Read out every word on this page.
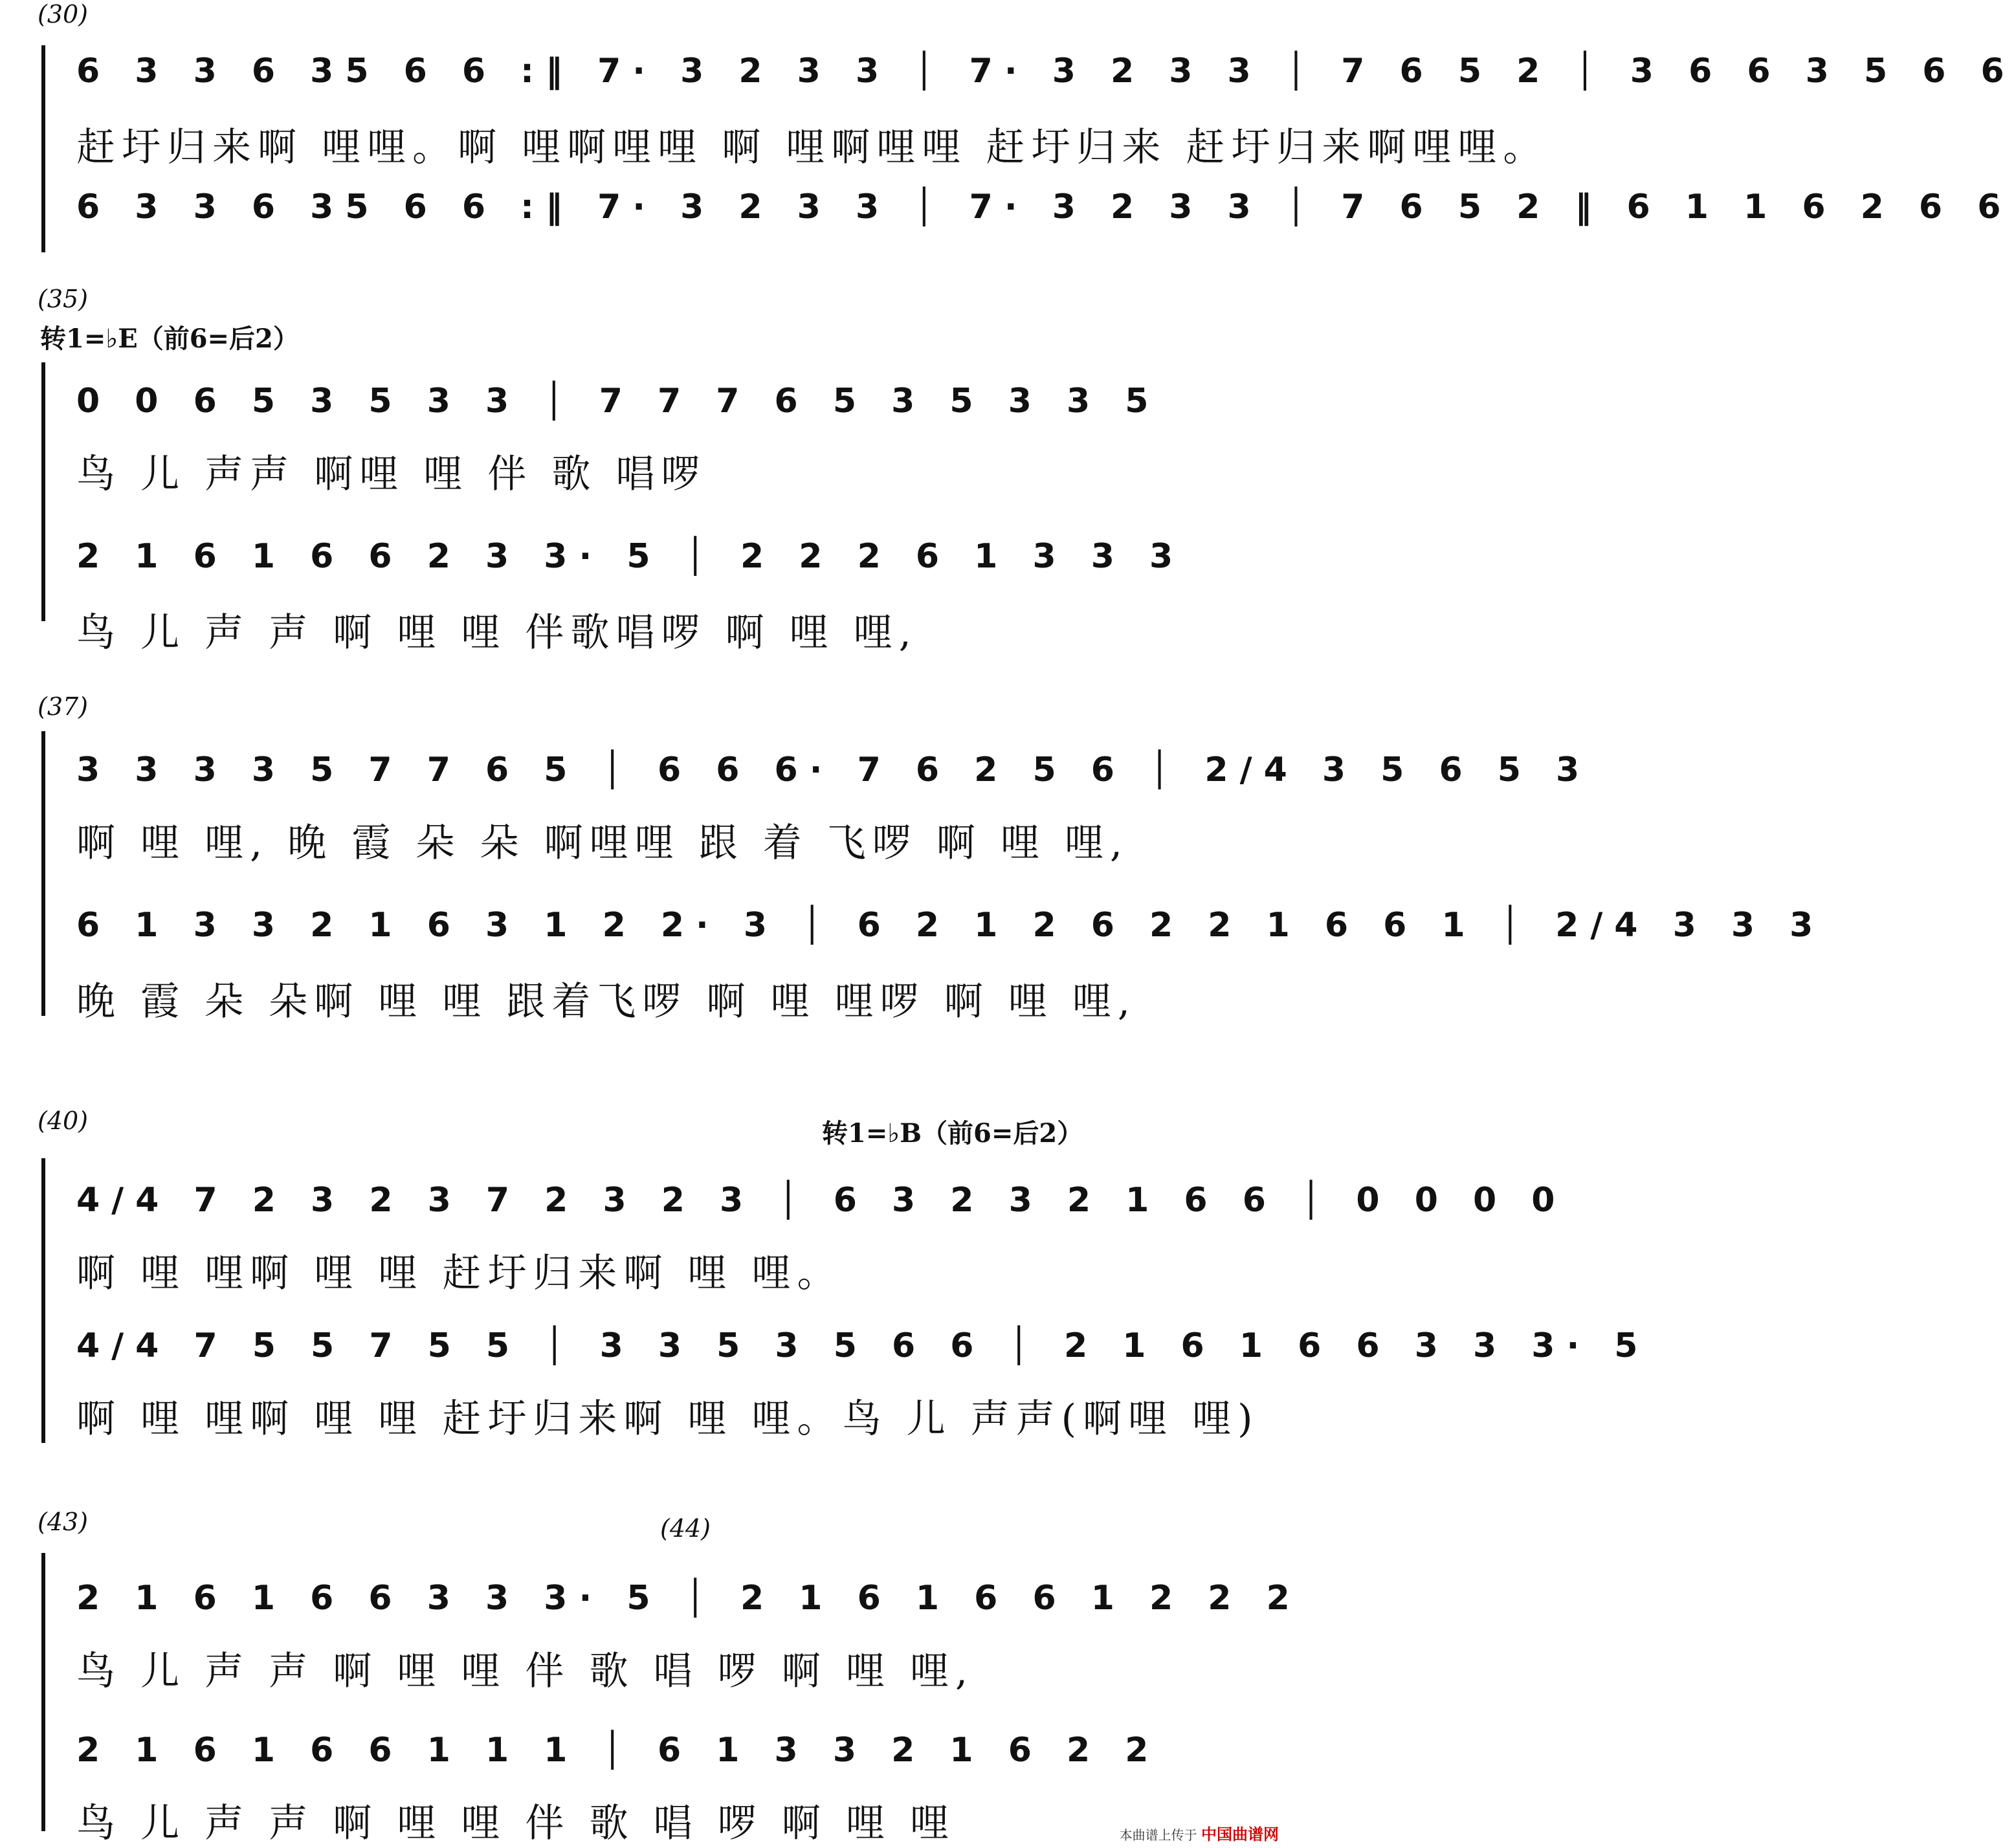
(30)
6 3 3 6 35 6 6 :‖ 7· 3 2 3 3 │ 7· 3 2 3 3 │ 7 6 5 2 │ 3 6 6 3 5 6 6
赶圩归来啊 哩哩。啊 哩啊哩哩 啊 哩啊哩哩 赶圩归来 赶圩归来啊哩哩。
6 3 3 6 35 6 6 :‖ 7· 3 2 3 3 │ 7· 3 2 3 3 │ 7 6 5 2 ‖ 6 1 1 6 2 6 6
(35)
转1=♭E（前6=后2）
0 0 6 5 3 5 3 3 │ 7 7 7 6 5 3 5 3 3 5
鸟 儿 声声 啊哩 哩 伴 歌 唱啰
2 1 6 1 6 6 2 3 3· 5 │ 2 2 2 6 1 3 3 3
鸟 儿 声 声 啊 哩 哩 伴歌唱啰 啊 哩 哩,
(37)
3 3 3 3 5 7 7 6 5 │ 6 6 6· 7 6 2 5 6 │ 2/4 3 5 6 5 3
啊 哩 哩, 晚 霞 朵 朵 啊哩哩 跟 着 飞啰 啊 哩 哩,
6 1 3 3 2 1 6 3 1 2 2· 3 │ 6 2 1 2 6 2 2 1 6 6 1 │ 2/4 3 3 3
晚 霞 朵 朵啊 哩 哩 跟着飞啰 啊 哩 哩啰 啊 哩 哩,
(40)	转1=♭B（前6=后2）
4/4 7 2 3 2 3 7 2 3 2 3 │ 6 3 2 3 2 1 6 6 │ 0 0 0 0
啊 哩 哩啊 哩 哩 赶圩归来啊 哩 哩。
4/4 7 5 5 7 5 5 │ 3 3 5 3 5 6 6 │ 2 1 6 1 6 6 3 3 3· 5
啊 哩 哩啊 哩 哩 赶圩归来啊 哩 哩。鸟 儿 声声(啊哩 哩)
(43)	(44)
2 1 6 1 6 6 3 3 3· 5 │ 2 1 6 1 6 6 1 2 2 2
鸟 儿 声 声 啊 哩 哩 伴 歌 唱 啰 啊 哩 哩,
2 1 6 1 6 6 1 1 1 │ 6 1 3 3 2 1 6 2 2
鸟 儿 声 声 啊 哩 哩 伴 歌 唱 啰 啊 哩 哩	本曲谱上传于 中国曲谱网
